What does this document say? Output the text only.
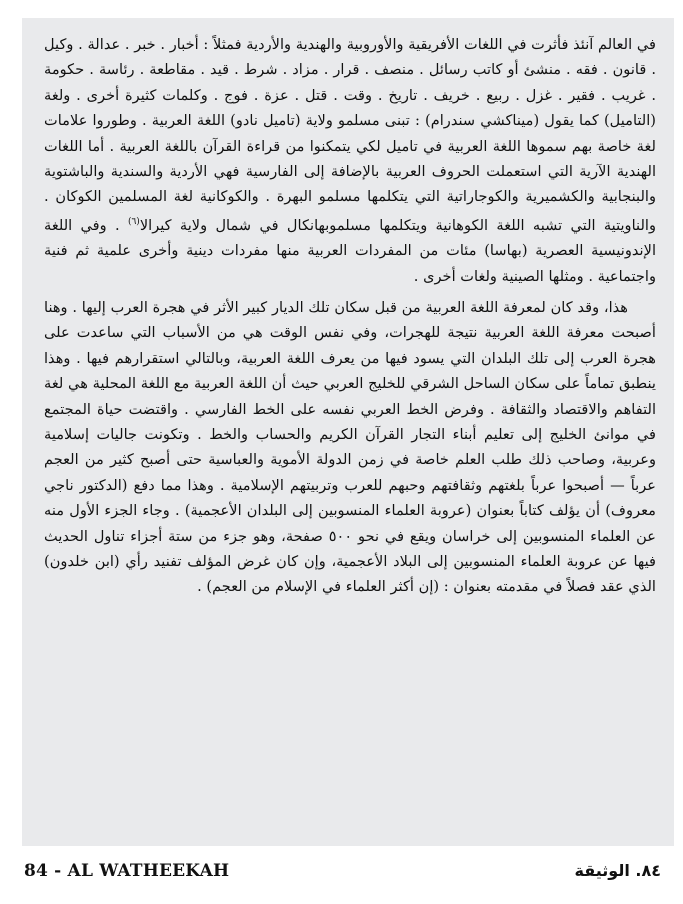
في العالم آنئذ فأثرت في اللغات الأفريقية والأوروبية والهندية والأردية فمثلاً : أخبار . خبر . عدالة . وكيل . قانون . فقه . منشئ أو كاتب رسائل . منصف . قرار . مزاد . شرط . قيد . مقاطعة . رئاسة . حكومة . غريب . فقير . غزل . ربيع . خريف . تاريخ . وقت . قتل . عزة . فوج . وكلمات كثيرة أخرى . ولغة (التاميل) كما يقول (ميناكشي سندرام) : تبنى مسلمو ولاية (تاميل نادو) اللغة العربية . وطوروا علامات لغة خاصة بهم سموها اللغة العربية في تاميل لكي يتمكنوا من قراءة القرآن باللغة العربية . أما اللغات الهندية الآرية التي استعملت الحروف العربية بالإضافة إلى الفارسية فهي الأردية والسندية والباشتوية والبنجابية والكشميرية والكوجاراتية التي يتكلمها مسلمو البهرة . والكوكانية لغة المسلمين الكوكان . والناويتية التي تشبه اللغة الكوهانية ويتكلمها مسلموبهانكال في شمال ولاية كيرالا$^{(٦)}$ . وفي اللغة الإندونيسية العصرية (بهاسا) مئات من المفردات العربية منها مفردات دينية وأخرى علمية ثم فنية واجتماعية . ومثلها الصينية ولغات أخرى .

هذا، وقد كان لمعرفة اللغة العربية من قبل سكان تلك الديار كبير الأثر في هجرة العرب إليها . وهنا أصبحت معرفة اللغة العربية نتيجة للهجرات، وفي نفس الوقت هي من الأسباب التي ساعدت على هجرة العرب إلى تلك البلدان التي يسود فيها من يعرف اللغة العربية، وبالتالي استقرارهم فيها . وهذا ينطبق تماماً على سكان الساحل الشرقي للخليج العربي حيث أن اللغة العربية مع اللغة المحلية هي لغة التفاهم والاقتصاد والثقافة . وفرض الخط العربي نفسه على الخط الفارسي . واقتضت حياة المجتمع في موانئ الخليج إلى تعليم أبناء التجار القرآن الكريم والحساب والخط . وتكونت جاليات إسلامية وعربية، وصاحب ذلك طلب العلم خاصة في زمن الدولة الأموية والعباسية حتى أصبح كثير من العجم عرباً — أصبحوا عرباً بلغتهم وثقافتهم وحبهم للعرب وتربيتهم الإسلامية . وهذا مما دفع (الدكتور ناجي معروف) أن يؤلف كتاباً بعنوان (عروبة العلماء المنسوبين إلى البلدان الأعجمية) . وجاء الجزء الأول منه عن العلماء المنسوبين إلى خراسان ويقع في نحو ٥٠٠ صفحة، وهو جزء من ستة أجزاء تناول الحديث فيها عن عروبة العلماء المنسوبين إلى البلاد الأعجمية، وإن كان غرض المؤلف تفنيد رأي (ابن خلدون) الذي عقد فصلاً في مقدمته بعنوان : (إن أكثر العلماء في الإسلام من العجم) .

84 - AL WATHEEKAH	٨٤. الوثيقة
